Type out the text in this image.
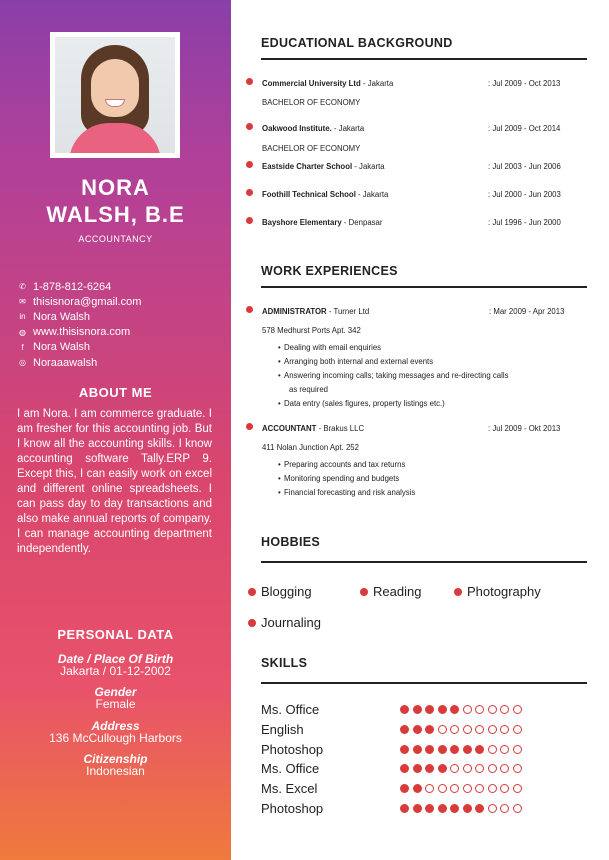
NORA
WALSH, B.E
ACCOUNTANCY
✆ 1-878-812-6264
✉ thisisnora@gmail.com
in Nora Walsh
◍ www.thisisnora.com
f Nora Walsh
◎ Noraaawalsh
ABOUT ME
I am Nora. I am commerce graduate. I am fresher for this accounting job. But I know all the accounting skills. I know accounting software Tally.ERP 9. Except this, I can easily work on excel and different online spreadsheets. I can pass day to day transactions and also make annual reports of company. I can manage accounting department independently.
PERSONAL DATA
Date / Place Of Birth
Jakarta / 01-12-2002
Gender
Female
Address
136 McCullough Harbors
Citizenship
Indonesian
EDUCATIONAL BACKGROUND
Commercial University Ltd - Jakarta	: Jul 2009 - Oct 2013
BACHELOR OF ECONOMY
Oakwood Institute. - Jakarta	: Jul 2009 - Oct 2014
BACHELOR OF ECONOMY
Eastside Charter School - Jakarta	: Jul 2003 - Jun 2006
Foothill Technical School - Jakarta	: Jul 2000 - Jun 2003
Bayshore Elementary - Denpasar	: Jul 1996 - Jun 2000
WORK EXPERIENCES
ADMINISTRATOR - Turner Ltd	: Mar 2009 - Apr 2013
578 Medhurst Ports Apt. 342
• Dealing with email enquiries
• Arranging both internal and external events
• Answering incoming calls; taking messages and re-directing calls
as required
• Data entry (sales figures, property listings etc.)
ACCOUNTANT - Brakus LLC	: Jul 2009 - Okt 2013
411 Nolan Junction Apt. 252
• Preparing accounts and tax returns
• Monitoring spending and budgets
• Financial forecasting and risk analysis
HOBBIES
Blogging	Reading	Photography
Journaling
SKILLS
Ms. Office
English
Photoshop
Ms. Office
Ms. Excel
Photoshop
